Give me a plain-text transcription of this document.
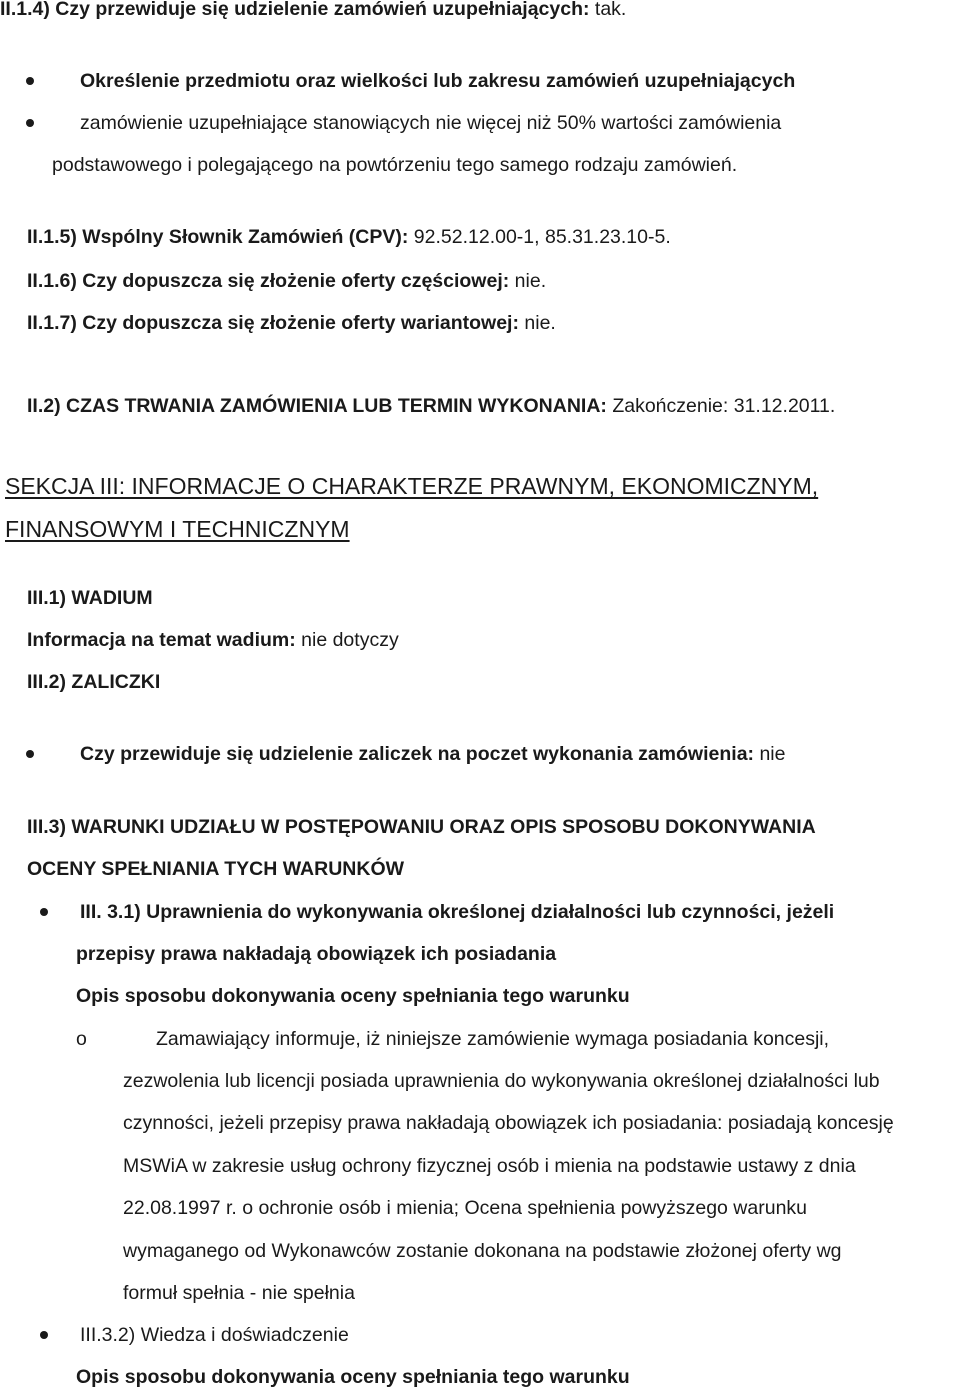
II.1.4) Czy przewiduje się udzielenie zamówień uzupełniających: tak.
Określenie przedmiotu oraz wielkości lub zakresu zamówień uzupełniających
zamówienie uzupełniające stanowiących nie więcej niż 50% wartości zamówienia
podstawowego i polegającego na powtórzeniu tego samego rodzaju zamówień.
II.1.5) Wspólny Słownik Zamówień (CPV): 92.52.12.00-1, 85.31.23.10-5.
II.1.6) Czy dopuszcza się złożenie oferty częściowej: nie.
II.1.7) Czy dopuszcza się złożenie oferty wariantowej: nie.
II.2) CZAS TRWANIA ZAMÓWIENIA LUB TERMIN WYKONANIA: Zakończenie: 31.12.2011.
SEKCJA III: INFORMACJE O CHARAKTERZE PRAWNYM, EKONOMICZNYM,
FINANSOWYM I TECHNICZNYM
III.1) WADIUM
Informacja na temat wadium: nie dotyczy
III.2) ZALICZKI
Czy przewiduje się udzielenie zaliczek na poczet wykonania zamówienia: nie
III.3) WARUNKI UDZIAŁU W POSTĘPOWANIU ORAZ OPIS SPOSOBU DOKONYWANIA
OCENY SPEŁNIANIA TYCH WARUNKÓW
III. 3.1) Uprawnienia do wykonywania określonej działalności lub czynności, jeżeli
przepisy prawa nakładają obowiązek ich posiadania
Opis sposobu dokonywania oceny spełniania tego warunku
o	Zamawiający informuje, iż niniejsze zamówienie wymaga posiadania koncesji,
zezwolenia lub licencji posiada uprawnienia do wykonywania określonej działalności lub
czynności, jeżeli przepisy prawa nakładają obowiązek ich posiadania: posiadają koncesję
MSWiA w zakresie usług ochrony fizycznej osób i mienia na podstawie ustawy z dnia
22.08.1997 r. o ochronie osób i mienia; Ocena spełnienia powyższego warunku
wymaganego od Wykonawców zostanie dokonana na podstawie złożonej oferty wg
formuł spełnia - nie spełnia
III.3.2) Wiedza i doświadczenie
Opis sposobu dokonywania oceny spełniania tego warunku
